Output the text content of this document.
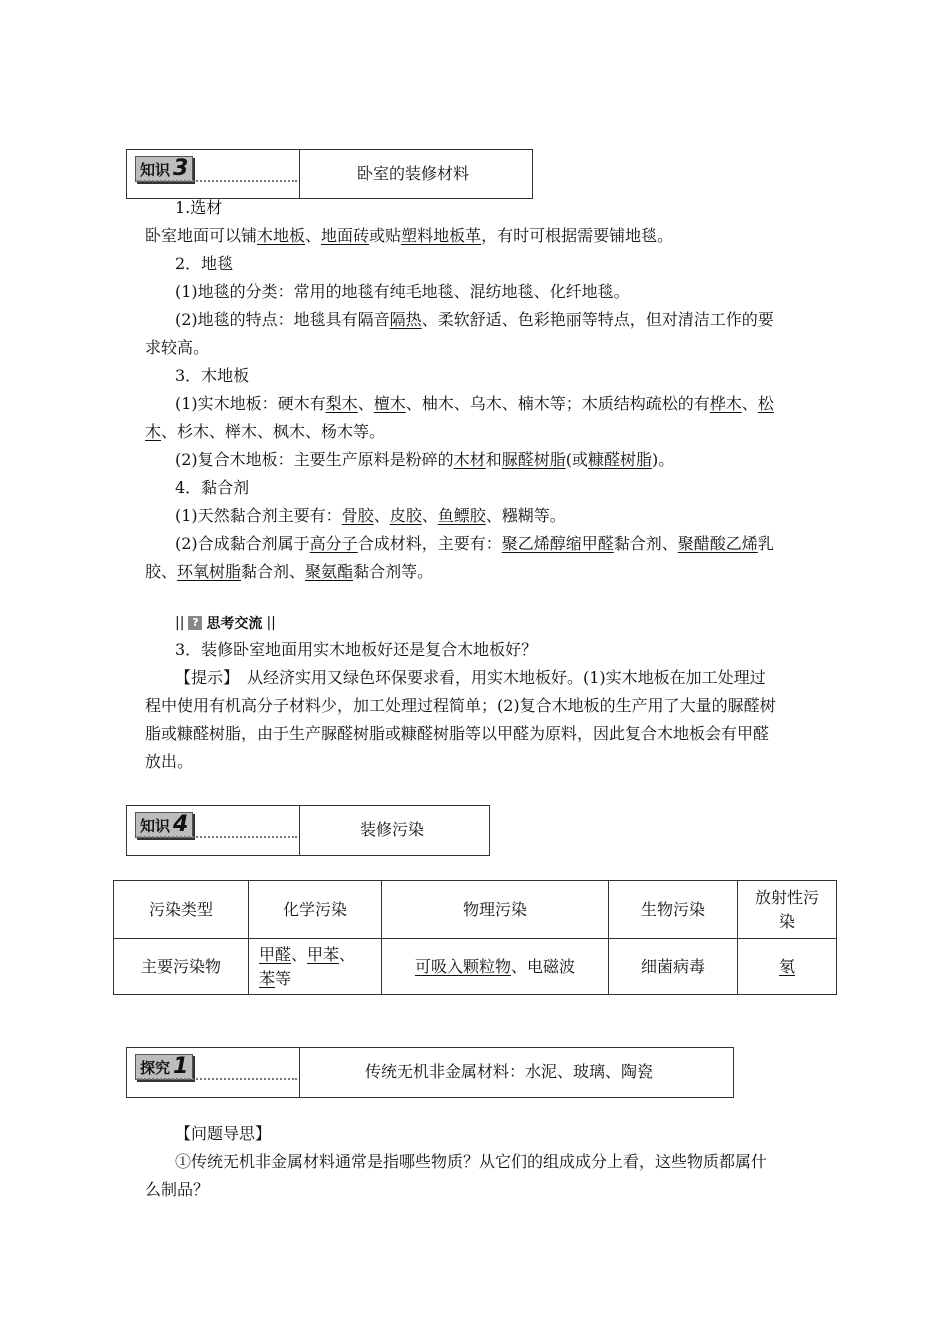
知识 3	卧室的装修材料
1.选材
卧室地面可以铺木地板、地面砖或贴塑料地板革，有时可根据需要铺地毯。
2．地毯
(1)地毯的分类：常用的地毯有纯毛地毯、混纺地毯、化纤地毯。
(2)地毯的特点：地毯具有隔音隔热、柔软舒适、色彩艳丽等特点，但对清洁工作的要
求较高。
3．木地板
(1)实木地板：硬木有梨木、檀木、柚木、乌木、楠木等；木质结构疏松的有桦木、松
木、杉木、榉木、枫木、杨木等。
(2)复合木地板：主要生产原料是粉碎的木材和脲醛树脂(或糠醛树脂)。
4．黏合剂
(1)天然黏合剂主要有：骨胶、皮胶、鱼鳔胶、糨糊等。
(2)合成黏合剂属于高分子合成材料，主要有：聚乙烯醇缩甲醛黏合剂、聚醋酸乙烯乳
胶、环氧树脂黏合剂、聚氨酯黏合剂等。
|| ? 思考交流 ||
3．装修卧室地面用实木地板好还是复合木地板好？
【提示】　从经济实用又绿色环保要求看，用实木地板好。(1)实木地板在加工处理过
程中使用有机高分子材料少，加工处理过程简单；(2)复合木地板的生产用了大量的脲醛树
脂或糠醛树脂，由于生产脲醛树脂或糠醛树脂等以甲醛为原料，因此复合木地板会有甲醛
放出。
知识 4	装修污染
污染类型	化学污染	物理污染	生物污染	放射性污
染
主要污染物	甲醛、甲苯、
苯等	可吸入颗粒物、电磁波	细菌病毒	氡
探究 1	传统无机非金属材料：水泥、玻璃、陶瓷
【问题导思】
①传统无机非金属材料通常是指哪些物质？从它们的组成成分上看，这些物质都属什
么制品？
